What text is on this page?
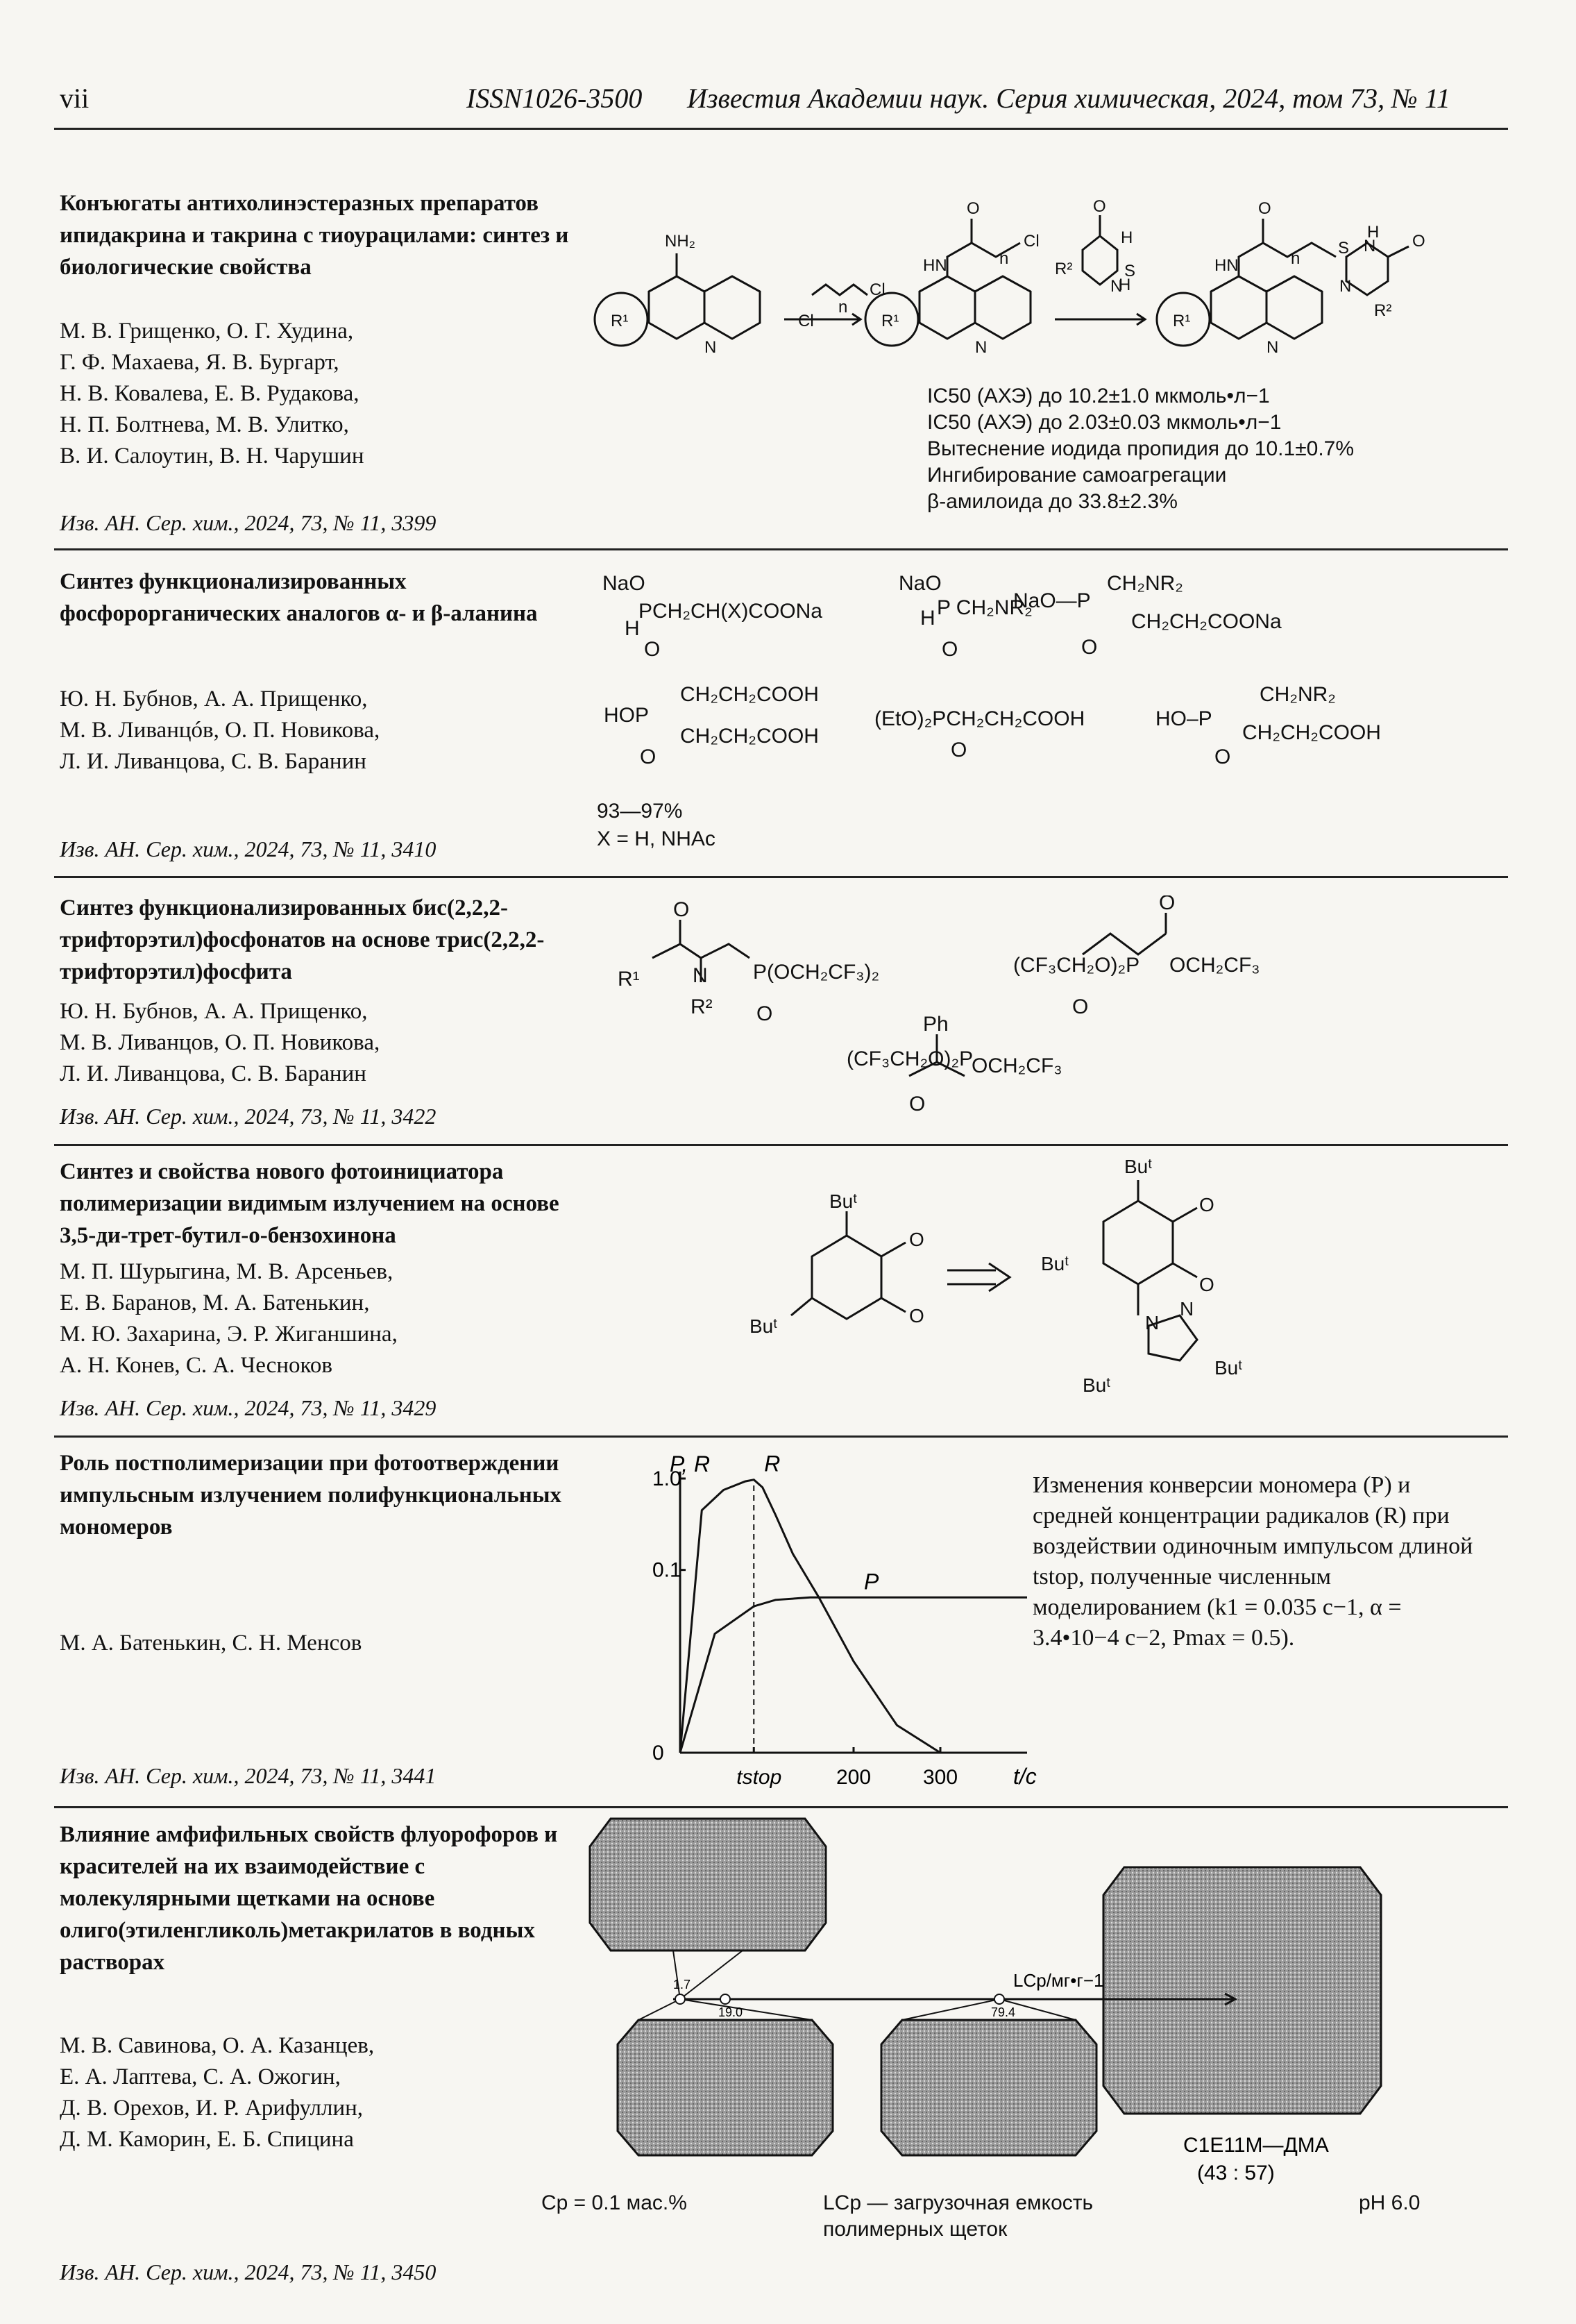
vii	ISSN1026-3500 Известия Академии наук. Серия химическая, 2024, том 73, № 11
Конъюгаты антихолинэстеразных препаратов ипидакрина и такрина с тиоурацилами: синтез и биологические свойства
М. В. Грищенко, О. Г. Худина,
Г. Ф. Махаева, Я. В. Бургарт,
Н. В. Ковалева, Е. В. Рудакова,
Н. П. Болтнева, М. В. Улитко,
В. И. Салоутин, В. Н. Чарушин
Изв. АН. Сер. хим., 2024, 73, № 11, 3399
R¹
NH₂
N
Cl
Cl
n
R¹
HN
O
Cl
N
n
O
H
R²
N
S
H
R¹
HN
O
S
N
n
H
N O
N
R²
IC50 (АХЭ) до 10.2±1.0 мкмоль•л−1
IC50 (АХЭ) до 2.03±0.03 мкмоль•л−1
Вытеснение иодида пропидия до 10.1±0.7%
Ингибирование самоагрегации
β-амилоида до 33.8±2.3%
Синтез функционализированных фосфорорганических аналогов α- и β-аланина
Ю. Н. Бубнов, А. А. Прищенко,
М. В. Ливанцóв, О. П. Новикова,
Л. И. Ливанцова, С. В. Баранин
Изв. АН. Сер. хим., 2024, 73, № 11, 3410
NaO
H
PCH₂CH(X)COONa
O
NaO
H P CH₂NR₂
O
CH₂NR₂
NaO—P
CH₂CH₂COONa
O
CH₂CH₂COOH
HOP
CH₂CH₂COOH
O
(EtO)₂PCH₂CH₂COOH
O
CH₂NR₂
HO–P
CH₂CH₂COOH
O
93—97%
X = H, NHAc
Синтез функционализированных бис(2,2,2-трифторэтил)фосфонатов на основе трис(2,2,2-трифторэтил)фосфита
Ю. Н. Бубнов, А. А. Прищенко,
М. В. Ливанцов, О. П. Новикова,
Л. И. Ливанцова, С. В. Баранин
Изв. АН. Сер. хим., 2024, 73, № 11, 3422
R¹
O
N
R²
P(OCH₂CF₃)₂
O
(CF₃CH₂O)₂P
O
O
OCH₂CF₃
(CF₃CH₂O)₂P
Ph
OCH₂CF₃
O
Синтез и свойства нового фотоинициатора полимеризации видимым излучением на основе 3,5-ди-трет-бутил-о-бензохинона
М. П. Шурыгина, М. В. Арсеньев,
Е. В. Баранов, М. А. Батенькин,
М. Ю. Захарина, Э. Р. Жиганшина,
А. Н. Конев, С. А. Чесноков
Изв. АН. Сер. хим., 2024, 73, № 11, 3429
Buᵗ
O
O
Buᵗ
Buᵗ
O
O
Buᵗ
N
N
Buᵗ
Buᵗ
Роль постполимеризации при фотоотверждении импульсным излучением полифункциональных мономеров
М. А. Батенькин, С. Н. Менсов
Изв. АН. Сер. хим., 2024, 73, № 11, 3441
P, R
t/c
0
0.1
1.0
tstop	200 300
R
P
Изменения конверсии мономера (P) и средней концентрации радикалов (R) при воздействии одиночным импульсом длиной tstop, полученные численным моделированием (k1 = 0.035 с−1, α = 3.4•10−4 с−2, Pmax = 0.5).
Влияние амфифильных свойств флуорофоров и красителей на их взаимодействие с молекулярными щетками на основе олиго(этиленгликоль)метакрилатов в водных растворах
М. В. Савинова, О. А. Казанцев,
Е. А. Лаптева, С. А. Ожогин,
Д. В. Орехов, И. Р. Арифуллин,
Д. М. Каморин, Е. Б. Спицина
Изв. АН. Сер. хим., 2024, 73, № 11, 3450
1.7
19.0	79.4
LCp/мг•г−1
C1E11M—ДМА
(43 : 57)
Cp = 0.1 мас.%	LCp — загрузочная емкость полимерных щеток
pH 6.0
